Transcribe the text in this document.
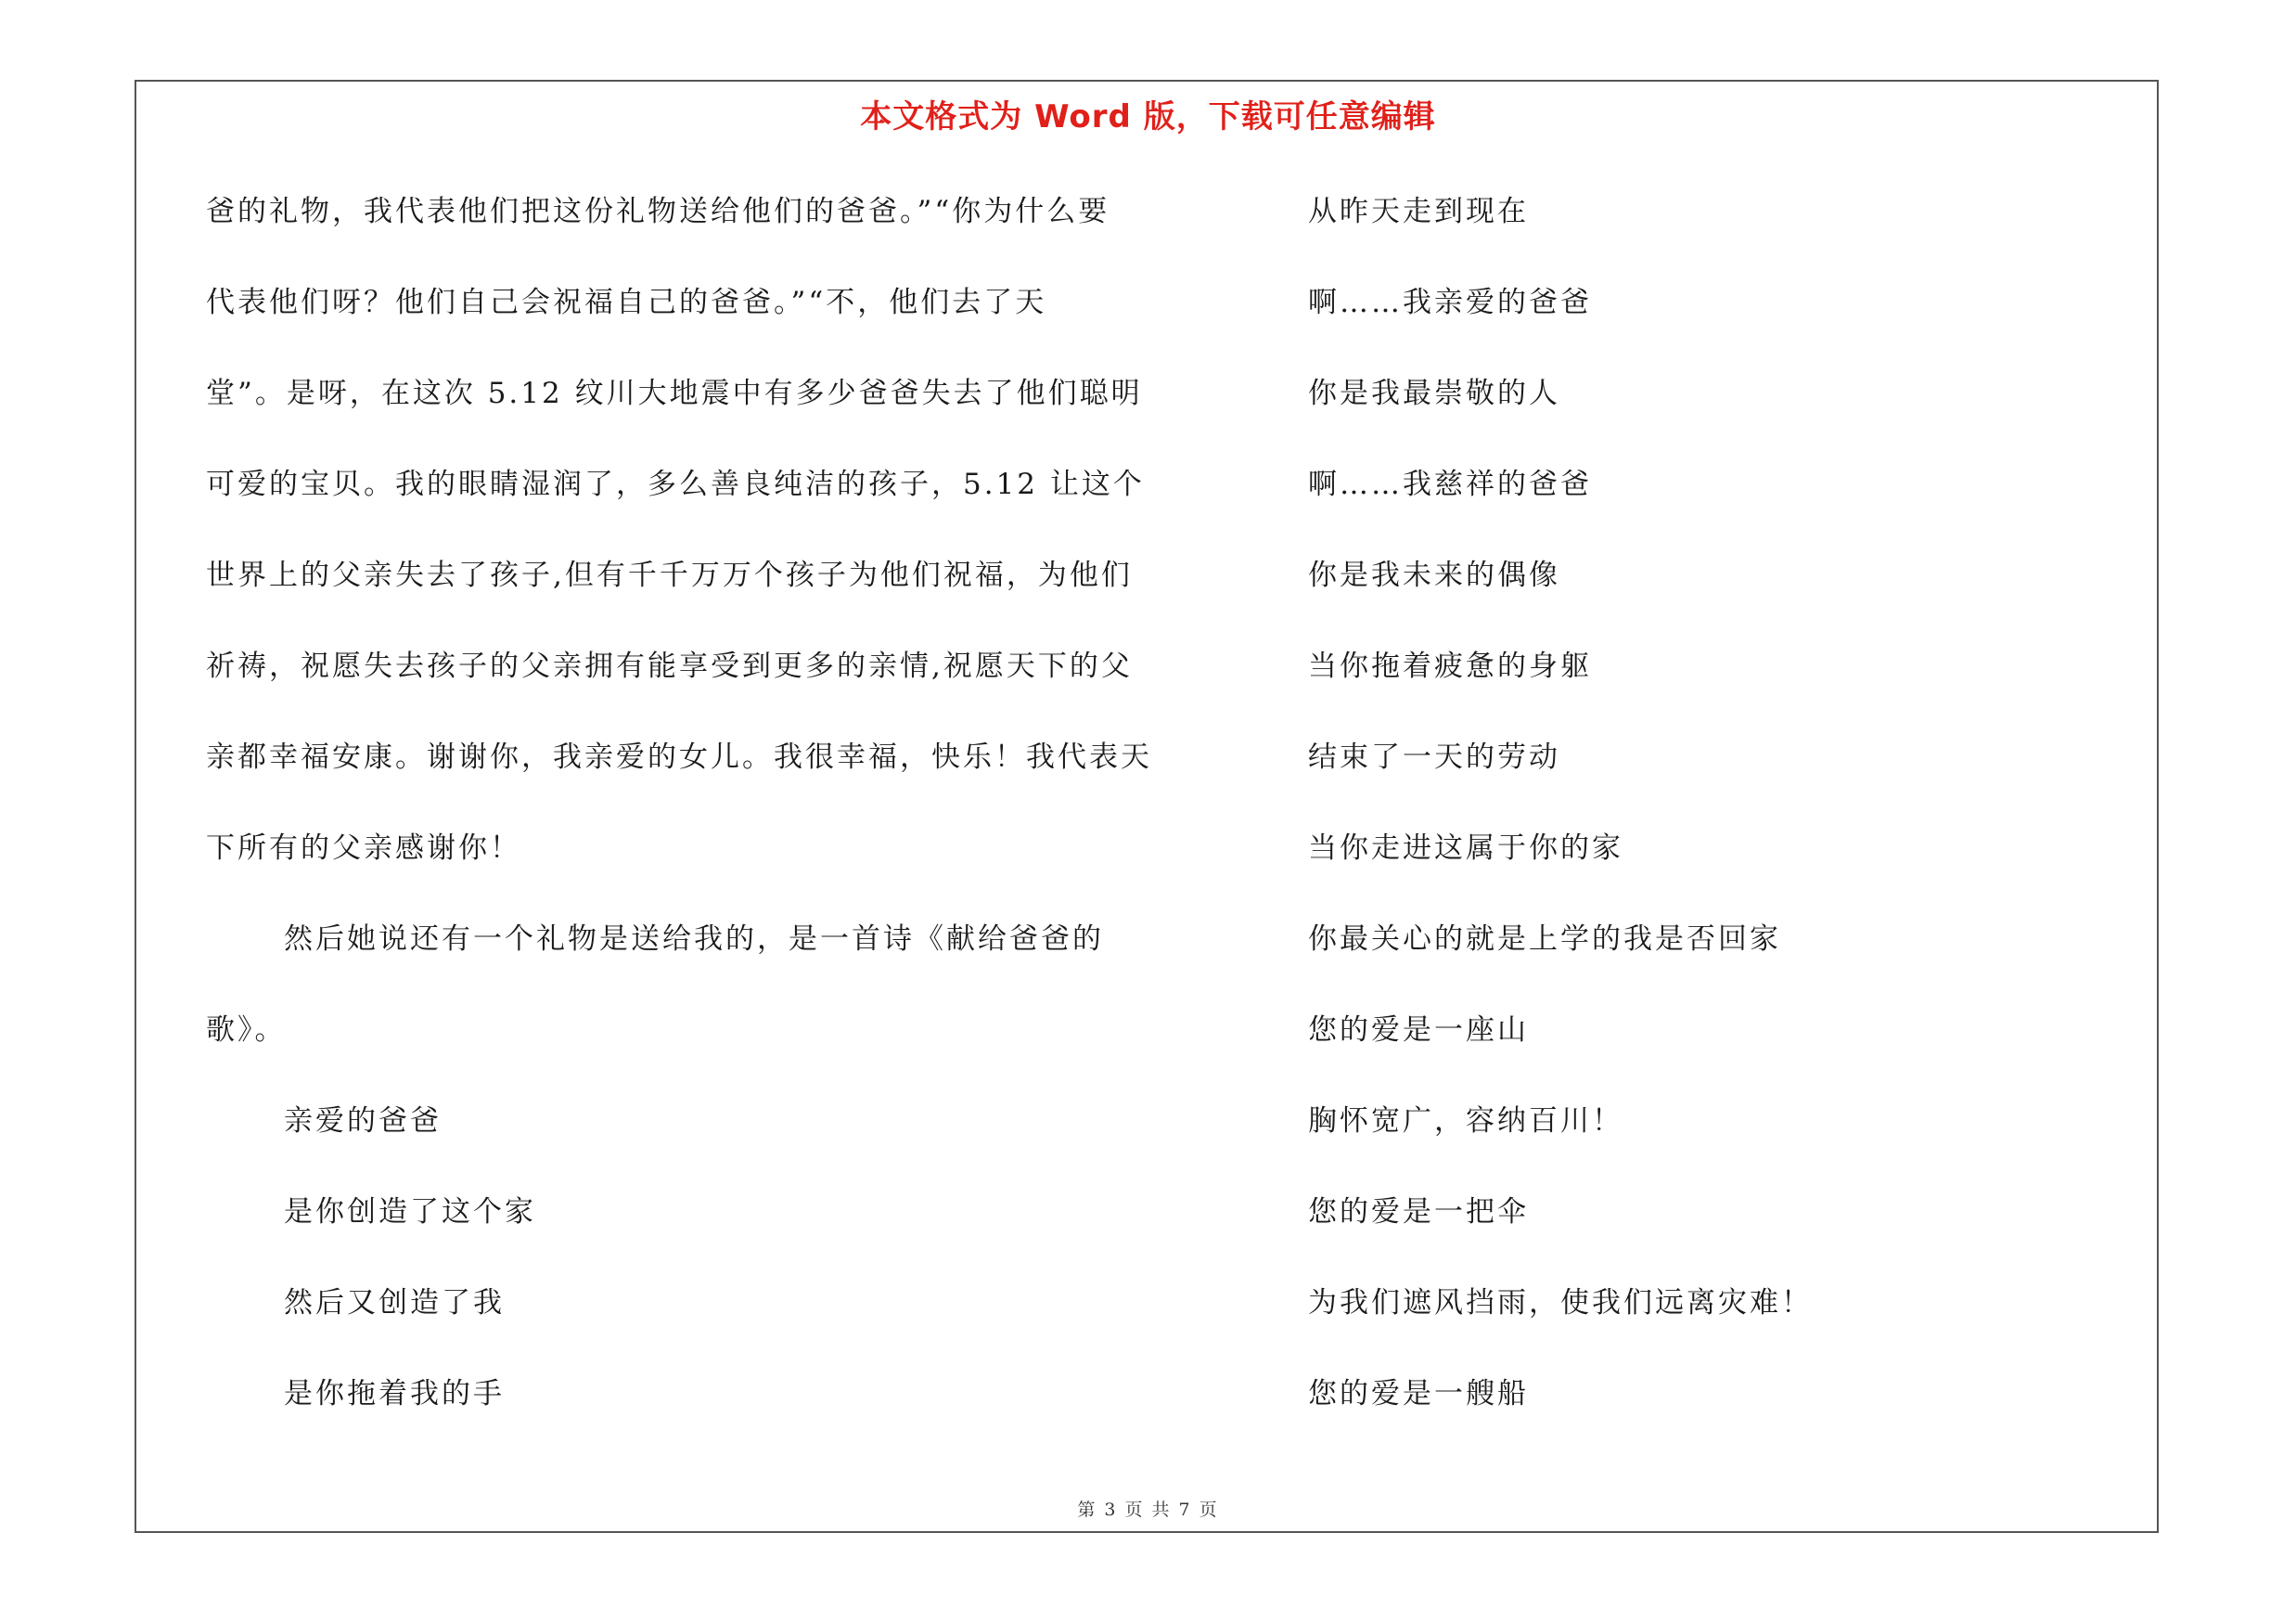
本文格式为 Word 版，下载可任意编辑

爸的礼物，我代表他们把这份礼物送给他们的爸爸。”“你为什么要

代表他们呀？他们自己会祝福自己的爸爸。”“不，他们去了天

堂”。是呀，在这次 5.12 纹川大地震中有多少爸爸失去了他们聪明

可爱的宝贝。我的眼睛湿润了，多么善良纯洁的孩子，5.12 让这个

世界上的父亲失去了孩子,但有千千万万个孩子为他们祝福，为他们

祈祷，祝愿失去孩子的父亲拥有能享受到更多的亲情,祝愿天下的父

亲都幸福安康。谢谢你，我亲爱的女儿。我很幸福，快乐！我代表天

下所有的父亲感谢你！

然后她说还有一个礼物是送给我的，是一首诗《献给爸爸的

歌》。

亲爱的爸爸

是你创造了这个家

然后又创造了我

是你拖着我的手

从昨天走到现在

啊……我亲爱的爸爸

你是我最崇敬的人

啊……我慈祥的爸爸

你是我未来的偶像

当你拖着疲惫的身躯

结束了一天的劳动

当你走进这属于你的家

你最关心的就是上学的我是否回家

您的爱是一座山

胸怀宽广，容纳百川！

您的爱是一把伞

为我们遮风挡雨，使我们远离灾难！

您的爱是一艘船

第 3 页 共 7 页
